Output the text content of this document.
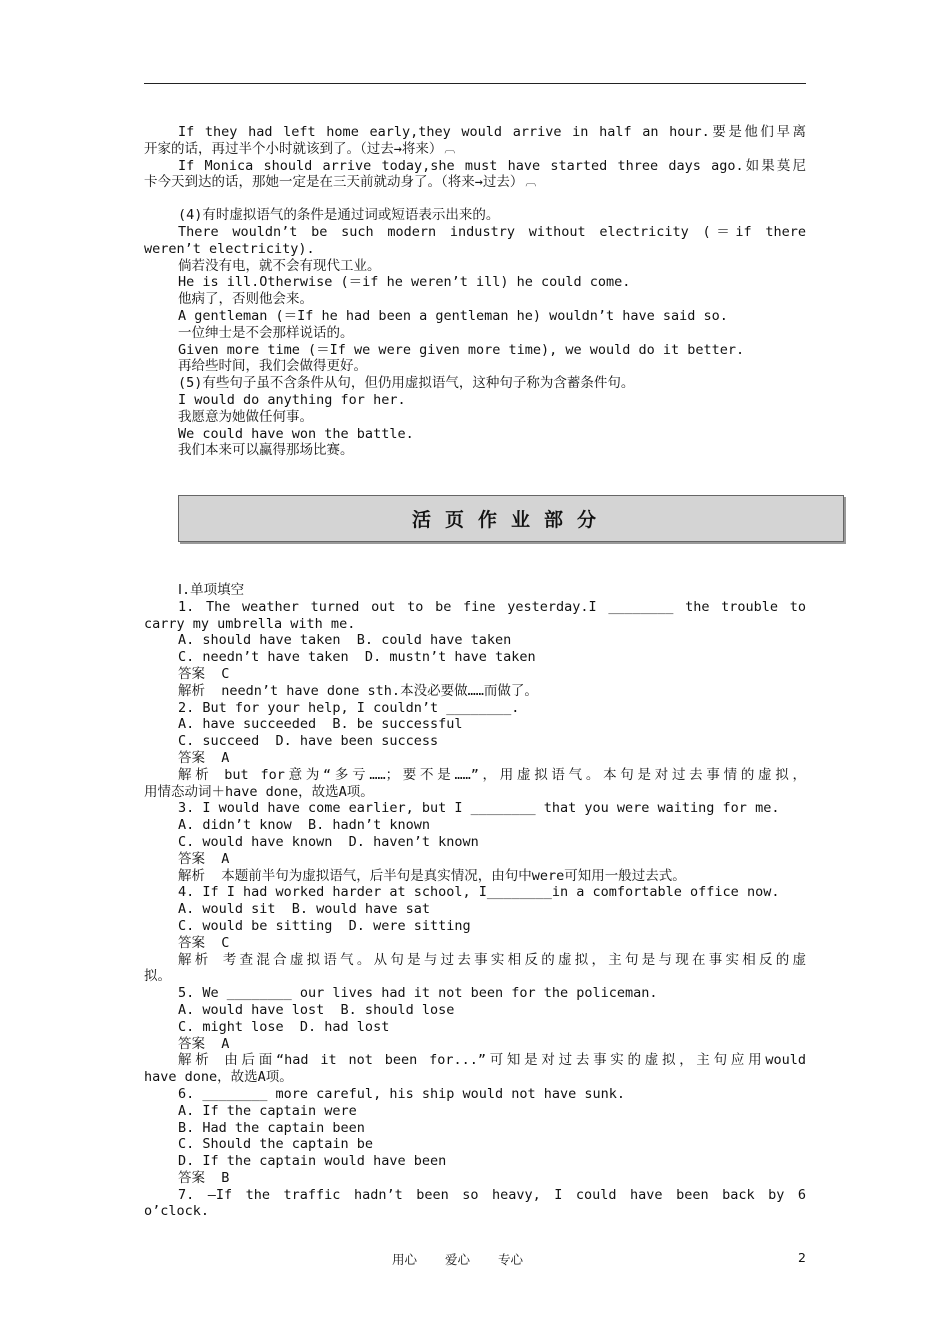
If they had left home early,they would arrive in half an hour.要是他们早离
开家的话，再过半个小时就该到了。（过去→将来） ︹
If Monica should arrive today,she must have started three days ago.如果莫尼
卡今天到达的话，那她一定是在三天前就动身了。（将来→过去） ︹
(4)有时虚拟语气的条件是通过词或短语表示出来的。
There wouldn’t be such modern industry without electricity (＝if there
weren’t electricity).
倘若没有电，就不会有现代工业。
He is ill.Otherwise (＝if he weren’t ill) he could come.
他病了，否则他会来。
A gentleman (＝If he had been a gentleman he) wouldn’t have said so.
一位绅士是不会那样说话的。
Given more time (＝If we were given more time), we would do it better.
再给些时间，我们会做得更好。
(5)有些句子虽不含条件从句，但仍用虚拟语气，这种句子称为含蓄条件句。
I would do anything for her.
我愿意为她做任何事。
We could have won the battle.
我们本来可以赢得那场比赛。
活页作业部分
Ⅰ.单项填空
1. The weather turned out to be fine yesterday.I ________ the trouble to
carry my umbrella with me.
A. should have taken  B. could have taken
C. needn’t have taken  D. mustn’t have taken
答案  C
解析  needn’t have done sth.本没必要做……而做了。
2. But for your help, I couldn’t ________.
A. have succeeded  B. be successful
C. succeed  D. have been success
答案  A
解析 but for意为“多亏……；要不是……”，用虚拟语气。本句是对过去事情的虚拟，
用情态动词＋have done，故选A项。
3. I would have come earlier, but I ________ that you were waiting for me.
A. didn’t know  B. hadn’t known
C. would have known  D. haven’t known
答案  A
解析  本题前半句为虚拟语气，后半句是真实情况，由句中were可知用一般过去式。
4. If I had worked harder at school, I________in a comfortable office now.
A. would sit  B. would have sat
C. would be sitting  D. were sitting
答案  C
解析 考查混合虚拟语气。从句是与过去事实相反的虚拟，主句是与现在事实相反的虚
拟。
5. We ________ our lives had it not been for the policeman.
A. would have lost  B. should lose
C. might lose  D. had lost
答案  A
解析 由后面“had it not been for...”可知是对过去事实的虚拟，主句应用would
have done，故选A项。
6. ________ more careful, his ship would not have sunk.
A. If the captain were
B. Had the captain been
C. Should the captain be
D. If the captain would have been
答案  B
7. —If the traffic hadn’t been so heavy, I could have been back by 6
o’clock.
用心 爱心 专心	2
